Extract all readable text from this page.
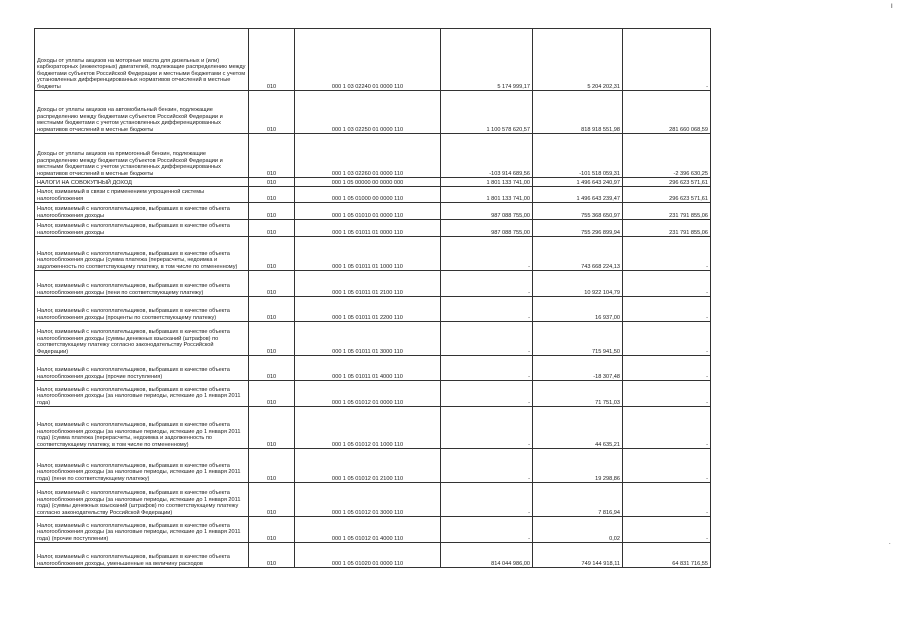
Доходы от уплаты акцизов на моторные масла для дизельных и (или) карбюраторных (инжекторных) двигателей, подлежащие распределению между бюджетами субъектов Российской Федерации и местными бюджетами с учетом установленных дифференцированных нормативов отчислений в местные бюджеты	010	000 1 03 02240 01 0000 110	5 174 999,17	5 204 202,31	-
Доходы от уплаты акцизов на автомобильный бензин, подлежащие распределению между бюджетами субъектов Российской Федерации и местными бюджетами с учетом установленных дифференцированных нормативов отчислений в местные бюджеты	010	000 1 03 02250 01 0000 110	1 100 578 620,57	818 918 551,98	281 660 068,59
Доходы от уплаты акцизов на прямогонный бензин, подлежащие распределению между бюджетами субъектов Российской Федерации и местными бюджетами с учетом установленных дифференцированных нормативов отчислений в местные бюджеты	010	000 1 03 02260 01 0000 110	-103 914 689,56	-101 518 059,31	-2 396 630,25
НАЛОГИ НА СОВОКУПНЫЙ ДОХОД	010	000 1 05 00000 00 0000 000	1 801 133 741,00	1 496 643 240,97	296 623 571,61
Налог, взимаемый в связи с применением упрощенной системы налогообложения	010	000 1 05 01000 00 0000 110	1 801 133 741,00	1 496 643 239,47	296 623 571,61
Налог, взимаемый с налогоплательщиков, выбравших в качестве объекта налогообложения доходы	010	000 1 05 01010 01 0000 110	987 088 755,00	755 368 650,97	231 791 855,06
Налог, взимаемый с налогоплательщиков, выбравших в качестве объекта налогообложения доходы	010	000 1 05 01011 01 0000 110	987 088 755,00	755 296 899,94	231 791 855,06
Налог, взимаемый с налогоплательщиков, выбравших в качестве объекта налогообложения доходы (сумма платежа (перерасчеты, недоимка и задолженность по соответствующему платежу, в том числе по отмененному)	010	000 1 05 01011 01 1000 110	-	743 668 224,13	-
Налог, взимаемый с налогоплательщиков, выбравших в качестве объекта налогообложения доходы (пени по соответствующему платежу)	010	000 1 05 01011 01 2100 110	-	10 922 104,79	-
Налог, взимаемый с налогоплательщиков, выбравших в качестве объекта налогообложения доходы (проценты по соответствующему платежу)	010	000 1 05 01011 01 2200 110	-	16 937,00	-
Налог, взимаемый с налогоплательщиков, выбравших в качестве объекта налогообложения доходы (суммы денежных взысканий (штрафов) по соответствующему платежу согласно законодательству Российской Федерации)	010	000 1 05 01011 01 3000 110	-	715 941,50	-
Налог, взимаемый с налогоплательщиков, выбравших в качестве объекта налогообложения доходы (прочие поступления)	010	000 1 05 01011 01 4000 110	-	-18 307,48	-
Налог, взимаемый с налогоплательщиков, выбравших в качестве объекта налогообложения доходы (за налоговые периоды, истекшие до 1 января 2011 года)	010	000 1 05 01012 01 0000 110	-	71 751,03	-
Налог, взимаемый с налогоплательщиков, выбравших в качестве объекта налогообложения доходы (за налоговые периоды, истекшие до 1 января 2011 года) (сумма платежа (перерасчеты, недоимка и задолженность по соответствующему платежу, в том числе по отмененному)	010	000 1 05 01012 01 1000 110	-	44 635,21	-
Налог, взимаемый с налогоплательщиков, выбравших в качестве объекта налогообложения доходы (за налоговые периоды, истекшие до 1 января 2011 года) (пени по соответствующему платежу)	010	000 1 05 01012 01 2100 110	-	19 298,86	-
Налог, взимаемый с налогоплательщиков, выбравших в качестве объекта налогообложения доходы (за налоговые периоды, истекшие до 1 января 2011 года) (суммы денежных взысканий (штрафов) по соответствующему платежу согласно законодательству Российской Федерации)	010	000 1 05 01012 01 3000 110	-	7 816,94	-
Налог, взимаемый с налогоплательщиков, выбравших в качестве объекта налогообложения доходы (за налоговые периоды, истекшие до 1 января 2011 года) (прочие поступления)	010	000 1 05 01012 01 4000 110	-	0,02	-
Налог, взимаемый с налогоплательщиков, выбравших в качестве объекта налогообложения доходы, уменьшенные на величину расходов	010	000 1 05 01020 01 0000 110	814 044 986,00	749 144 918,11	64 831 716,55
I
.
